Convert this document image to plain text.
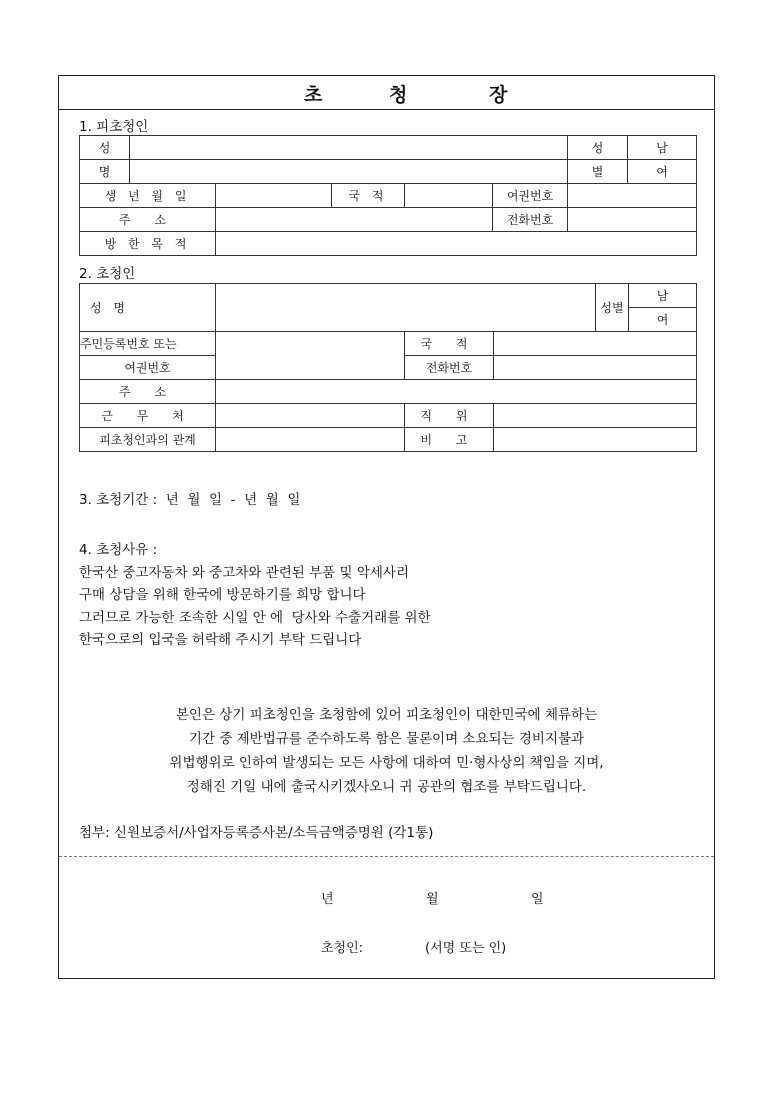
초	청	장
1. 피초청인
성						성	남
명						별	여
생 년 월 일			국 적		여권번호		
주 소					전화번호		
방 한 목 적							
2. 초청인
성 명				성별	남
					여
주민등록번호 또는		국 적			
여권번호		전화번호			
주 소					
근 무 처		직 위			
피초청인과의 관계		비 고			
3. 초청기간 :  년  월  일  -  년  월  일
4. 초청사유 :
한국산 중고자동차 와 중고차와 관련된 부품 및 악세사리
구매 상담을 위해 한국에 방문하기를 희망 합니다
그러므로 가능한 조속한 시일 안 에  당사와 수출거래를 위한
한국으로의 입국을 허락해 주시기 부탁 드립니다
본인은 상기 피초청인을 초청함에 있어 피초청인이 대한민국에 체류하는
기간 중 제반법규를 준수하도록 함은 물론이며 소요되는 경비지불과
위법행위로 인하여 발생되는 모든 사항에 대하여 민·형사상의 책임을 지며,
정해진 기일 내에 출국시키겠사오니 귀 공관의 협조를 부탁드립니다.
첨부: 신원보증서/사업자등록증사본/소득금액증명원 (각1통)
년	월	일
초청인:	(서명 또는 인)
